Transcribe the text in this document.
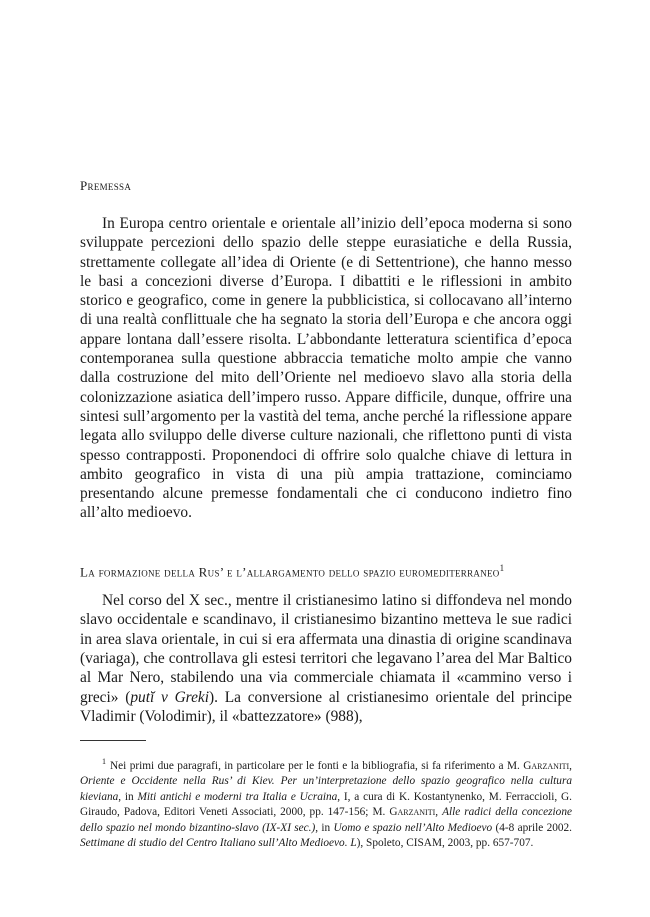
Premessa

In Europa centro orientale e orientale all’inizio dell’epoca moderna si sono sviluppate percezioni dello spazio delle steppe eurasiatiche e della Russia, strettamente collegate all’idea di Oriente (e di Settentrione), che hanno messo le basi a concezioni diverse d’Europa. I dibattiti e le riflessioni in ambito storico e geografico, come in genere la pubblicistica, si collocavano all’interno di una realtà conflittuale che ha segnato la storia dell’Europa e che ancora oggi appare lontana dall’essere risolta. L’abbondante letteratura scientifica d’epoca contemporanea sulla questione abbraccia tematiche molto ampie che vanno dalla costruzione del mito dell’Oriente nel medioevo slavo alla storia della colonizzazione asiatica dell’impero russo. Appare difficile, dunque, offrire una sintesi sull’argomento per la vastità del tema, anche perché la riflessione appare legata allo sviluppo delle diverse culture nazionali, che riflettono punti di vista spesso contrapposti. Proponendoci di offrire solo qualche chiave di lettura in ambito geografico in vista di una più ampia trattazione, cominciamo presentando alcune premesse fondamentali che ci conducono indietro fino all’alto medioevo.

La formazione della Rus’ e l’allargamento dello spazio euromediterraneo$^1$

Nel corso del X sec., mentre il cristianesimo latino si diffondeva nel mondo slavo occidentale e scandinavo, il cristianesimo bizantino metteva le sue radici in area slava orientale, in cui si era affermata una dinastia di origine scandinava (variaga), che controllava gli estesi territori che legavano l’area del Mar Baltico al Mar Nero, stabilendo una via commerciale chiamata il «cammino verso i greci» (putĭ v Greki). La conversione al cristianesimo orientale del principe Vladimir (Volodimir), il «battezzatore» (988),

$^1$ Nei primi due paragrafi, in particolare per le fonti e la bibliografia, si fa riferimento a M. Garzaniti, Oriente e Occidente nella Rus’ di Kiev. Per un’interpretazione dello spazio geografico nella cultura kieviana, in Miti antichi e moderni tra Italia e Ucraina, I, a cura di K. Kostantynenko, M. Ferracciolі, G. Giraudo, Padova, Editori Veneti Associati, 2000, pp. 147-156; M. Garzaniti, Alle radici della concezione dello spazio nel mondo bizantino-slavo (IX-XI sec.), in Uomo e spazio nell’Alto Medioevo (4-8 aprile 2002. Settimane di studio del Centro Italiano sull’Alto Medioevo. L), Spoleto, CISAM, 2003, pp. 657-707.
